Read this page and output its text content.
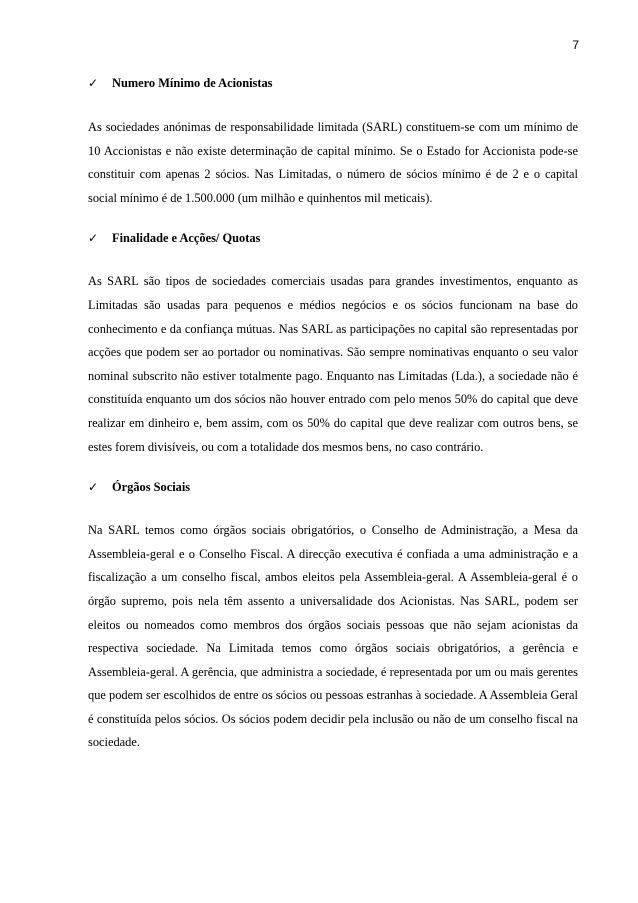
7
✓	Numero Mínimo de Acionistas

As sociedades anónimas de responsabilidade limitada (SARL) constituem-se com um mínimo de 10 Accionistas e não existe determinação de capital mínimo. Se o Estado for Accionista pode-se constituir com apenas 2 sócios. Nas Limitadas, o número de sócios mínimo é de 2 e o capital social mínimo é de 1.500.000 (um milhão e quinhentos mil meticais).

✓	Finalidade e Acções/ Quotas

As SARL são tipos de sociedades comerciais usadas para grandes investimentos, enquanto as Limitadas são usadas para pequenos e médios negócios e os sócios funcionam na base do conhecimento e da confiança mútuas. Nas SARL as participações no capital são representadas por acções que podem ser ao portador ou nominativas. São sempre nominativas enquanto o seu valor nominal subscrito não estiver totalmente pago. Enquanto nas Limitadas (Lda.), a sociedade não é constituída enquanto um dos sócios não houver entrado com pelo menos 50% do capital que deve realizar em dinheiro e, bem assim, com os 50% do capital que deve realizar com outros bens, se estes forem divisíveis, ou com a totalidade dos mesmos bens, no caso contrário.

✓	Órgãos Sociais

Na SARL temos como órgãos sociais obrigatórios, o Conselho de Administração, a Mesa da Assembleia-geral e o Conselho Fiscal. A direcção executiva é confiada a uma administração e a fiscalização a um conselho fiscal, ambos eleitos pela Assembleia-geral. A Assembleia-geral é o órgão supremo, pois nela têm assento a universalidade dos Acionistas. Nas SARL, podem ser eleitos ou nomeados como membros dos órgãos sociais pessoas que não sejam acionistas da respectiva sociedade. Na Limitada temos como órgãos sociais obrigatórios, a gerência e Assembleia-geral. A gerência, que administra a sociedade, é representada por um ou mais gerentes que podem ser escolhidos de entre os sócios ou pessoas estranhas à sociedade. A Assembleia Geral é constituída pelos sócios. Os sócios podem decidir pela inclusão ou não de um conselho fiscal na sociedade.
